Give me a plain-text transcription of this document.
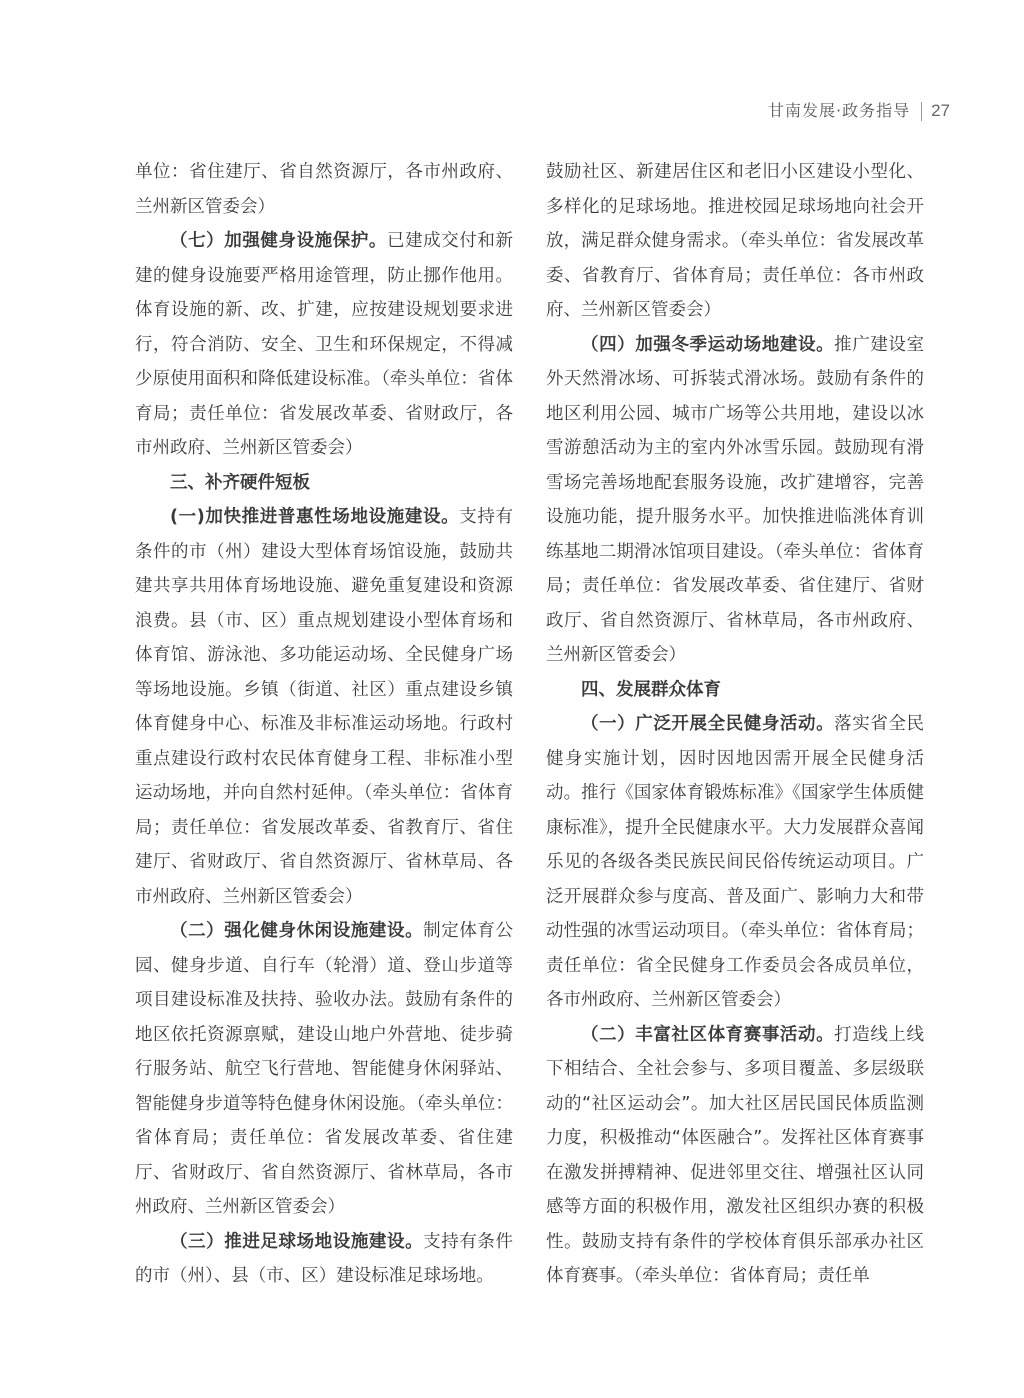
甘南发展·政务指导 27

单位：省住建厅、省自然资源厅，各市州政府、兰州新区管委会）

（七）加强健身设施保护。已建成交付和新建的健身设施要严格用途管理，防止挪作他用。体育设施的新、改、扩建，应按建设规划要求进行，符合消防、安全、卫生和环保规定，不得减少原使用面积和降低建设标准。（牵头单位：省体育局；责任单位：省发展改革委、省财政厅，各市州政府、兰州新区管委会）

三、补齐硬件短板

(一)加快推进普惠性场地设施建设。支持有条件的市（州）建设大型体育场馆设施，鼓励共建共享共用体育场地设施、避免重复建设和资源浪费。县（市、区）重点规划建设小型体育场和体育馆、游泳池、多功能运动场、全民健身广场等场地设施。乡镇（街道、社区）重点建设乡镇体育健身中心、标准及非标准运动场地。行政村重点建设行政村农民体育健身工程、非标准小型运动场地，并向自然村延伸。（牵头单位：省体育局；责任单位：省发展改革委、省教育厅、省住建厅、省财政厅、省自然资源厅、省林草局、各市州政府、兰州新区管委会）

（二）强化健身休闲设施建设。制定体育公园、健身步道、自行车（轮滑）道、登山步道等项目建设标准及扶持、验收办法。鼓励有条件的地区依托资源禀赋，建设山地户外营地、徒步骑行服务站、航空飞行营地、智能健身休闲驿站、智能健身步道等特色健身休闲设施。（牵头单位：省体育局；责任单位：省发展改革委、省住建厅、省财政厅、省自然资源厅、省林草局，各市州政府、兰州新区管委会）

（三）推进足球场地设施建设。支持有条件的市（州）、县（市、区）建设标准足球场地。

鼓励社区、新建居住区和老旧小区建设小型化、多样化的足球场地。推进校园足球场地向社会开放，满足群众健身需求。（牵头单位：省发展改革委、省教育厅、省体育局；责任单位：各市州政府、兰州新区管委会）

（四）加强冬季运动场地建设。推广建设室外天然滑冰场、可拆装式滑冰场。鼓励有条件的地区利用公园、城市广场等公共用地，建设以冰雪游憩活动为主的室内外冰雪乐园。鼓励现有滑雪场完善场地配套服务设施，改扩建增容，完善设施功能，提升服务水平。加快推进临洮体育训练基地二期滑冰馆项目建设。（牵头单位：省体育局；责任单位：省发展改革委、省住建厅、省财政厅、省自然资源厅、省林草局，各市州政府、兰州新区管委会）

四、发展群众体育

（一）广泛开展全民健身活动。落实省全民健身实施计划，因时因地因需开展全民健身活动。推行《国家体育锻炼标准》《国家学生体质健康标准》，提升全民健康水平。大力发展群众喜闻乐见的各级各类民族民间民俗传统运动项目。广泛开展群众参与度高、普及面广、影响力大和带动性强的冰雪运动项目。（牵头单位：省体育局；责任单位：省全民健身工作委员会各成员单位，各市州政府、兰州新区管委会）

（二）丰富社区体育赛事活动。打造线上线下相结合、全社会参与、多项目覆盖、多层级联动的“社区运动会”。加大社区居民国民体质监测力度，积极推动“体医融合”。发挥社区体育赛事在激发拼搏精神、促进邻里交往、增强社区认同感等方面的积极作用，激发社区组织办赛的积极性。鼓励支持有条件的学校体育俱乐部承办社区体育赛事。（牵头单位：省体育局；责任单
